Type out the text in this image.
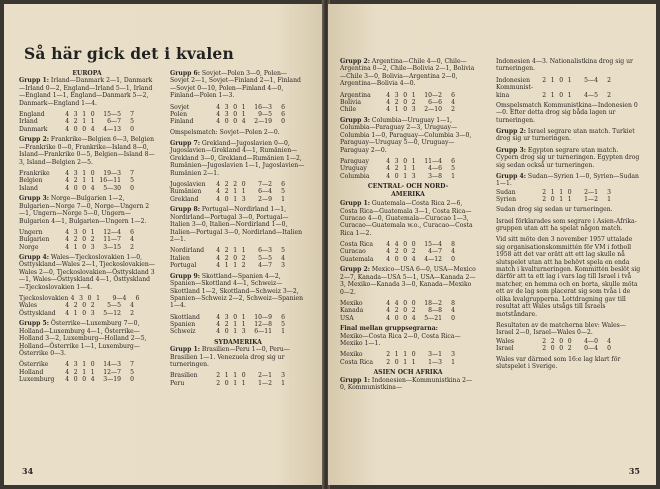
Så här gick det i kvalen
EUROPA
Grupp 1: Irland—Danmark 2—1, Danmark—Irland 0—2, England—Irland 5—1, Irland—England 1—1, England—Danmark 5—2, Danmark—England 1—4.
England	4 3 1 0	15—5	7
Irland	4 2 1 1	6—7	5
Danmark	4 0 0 4	4—13	0
Grupp 2: Frankrike—Belgien 6—3, Belgien—Frankrike 0—0, Frankrike—Island 8—0, Island—Frankrike 0—5, Belgien—Island 8—3, Island—Belgien 2—5.
Frankrike	4 3 1 0	19—3	7
Belgien	4 2 1 1 16—11	5
Island	4 0 0 4	5—30	0
Grupp 3: Norge—Bulgarien 1—2, Bulgarien—Norge 7—0, Norge—Ungern 2—1, Ungern—Norge 5—0, Ungern—Bulgarien 4—1, Bulgarien—Ungern 1—2.
Ungern	4 3 0 1	12—4	6
Bulgarien	4 2 0 2	11—7	4
Norge	4 1 0 3	3—15	2
Grupp 4: Wales—Tjeckoslovakien 1—0, Östtyskland—Wales 2—1, Tjeckoslovakien—Wales 2—0, Tjeckoslovakien—Östtyskland 3—1, Wales—Östtyskland 4—1, Östtyskland—Tjeckoslovakien 1—4.
Tjeckoslovakien 4 3 0 1	9—4	6
Wales	4 2 0 2	5—5	4
Östtyskland	4 1 0 3	5—12	2
Grupp 5: Österrike—Luxemburg 7—0, Holland—Luxemburg 4—1, Österrike—Holland 3—2, Luxemburg—Holland 2—5, Holland—Österrike 1—1, Luxemburg—Österrike 0—3.
Österrike	4 3 1 0	14—3	7
Holland	4 2 1 1	12—7	5
Luxemburg	4 0 0 4	3—19	0
Grupp 6: Sovjet—Polen 3—0, Polen—Sovjet 2—1, Sovjet—Finland 2—1, Finland—Sovjet 0—10, Polen—Finland 4—0, Finland—Polen 1—3.
Sovjet	4 3 0 1	16—3	6
Polen	4 3 0 1	9—5	6
Finland	4 0 0 4	2—19	0
Omspelsmatch: Sovjet—Polen 2—0.
Grupp 7: Grekland—Jugoslavien 0—0, Jugoslavien—Grekland 4—1, Rumänien—Grekland 3—0, Grekland—Rumänien 1—2, Rumänien—Jugoslavien 1—1, Jugoslavien—Rumänien 2—1.
Jugoslavien	4 2 2 0	7—2	6
Rumänien	4 2 1 1	6—4	5
Grekland	4 0 1 3	2—9	1
Grupp 8: Portugal—Nordirland 1—1, Nordirland—Portugal 3—0, Portugal—Italien 3—0, Italien—Nordirland 1—0, Italien—Portugal 3—0, Nordirland—Italien 2—1.
Nordirland	4 2 1 1	6—3	5
Italien	4 2 0 2	5—5	4
Portugal	4 1 1 2	4—7	3
Grupp 9: Skottland—Spanien 4—2, Spanien—Skottland 4—1, Schweiz—Skottland 1—2, Skottland—Schweiz 3—2, Spanien—Schweiz 2—2, Schweiz—Spanien 1—4.
Skottland	4 3 0 1	10—9	6
Spanien	4 2 1 1	12—8	5
Schweiz	4 0 1 3	6—11	1
SYDAMERIKA
Grupp 1: Brasilien—Peru 1—0, Peru—Brasilien 1—1. Venezuela drog sig ur turneringen.
Brasilien	2 1 1 0	2—1	3
Peru	2 0 1 1	1—2	1
34
Grupp 2: Argentina—Chile 4—0, Chile—Argentina 0—2, Chile—Bolivia 2—1, Bolivia—Chile 3—0, Bolivia—Argentina 2—0, Argentina—Bolivia 4—0.
Argentina	4 3 0 1	10—2	6
Bolivia	4 2 0 2	6—6	4
Chile	4 1 0 3	2—10	2
Grupp 3: Columbia—Uruguay 1—1, Columbia—Paraguay 2—3, Uruguay—Columbia 1—0, Paraguay—Columbia 3—0, Paraguay—Uruguay 5—0, Uruguay—Paraguay 2—0.
Paraguay	4 3 0 1	11—4	6
Uruguay	4 2 1 1	4—6	5
Columbia	4 0 1 3	3—8	1
CENTRAL- OCH NORD-
AMERIKA
Grupp 1: Guatemala—Costa Rica 2—6, Costa Rica—Guatemala 3—1, Costa Rica—Curacao 4—0, Guatemala—Curacao 1—3, Curacao—Guatemala w.o., Curacao—Costa Rica 1—2.
Costa Rica	4 4 0 0	15—4	8
Curacao	4 2 0 2	4—7	4
Guatemala	4 0 0 4	4—12	0
Grupp 2: Mexico—USA 6—0, USA—Mexico 2—7, Kanada—USA 5—1, USA—Kanada 2—3, Mexiko—Kanada 3—0, Kanada—Mexiko 0—2.
Mexiko	4 4 0 0	18—2	8
Kanada	4 2 0 2	8—8	4
USA	4 0 0 4	5—21	0
Final mellan gruppsegrarna:
Mexiko—Costa Rica 2—0, Costa Rica—Mexiko 1—1.
Mexiko	2 1 1 0	3—1	3
Costa Rica	2 0 1 1	1—3	1
ASIEN OCH AFRIKA
Grupp 1: Indonesien—Kommunistkina 2—0, Kommunistkina—
Indonesien 4—3. Nationalistkina drog sig ur turneringen.
Indonesien	2 1 0 1	5—4	2
Kommunist-
kina	2 1 0 1	4—5	2
Omspelsmatch Kommunistkina—Indonesien 0—0. Efter detta drog sig båda lagen ur turneringen.
Grupp 2: Israel segrare utan match. Turkiet drog sig ur turneringen.
Grupp 3: Egypten segrare utan match. Cypern drog sig ur turneringen. Egypten drog sig sedan också ur turneringen.
Grupp 4: Sudan—Syrien 1—0, Syrien—Sudan 1—1.
Sudan	2 1 1 0	2—1	3
Syrien	2 0 1 1	1—2	1
Sudan drog sig sedan ur turneringen.
Israel förklarades som segrare i Asien-Afrika-gruppen utan att ha spelat någon match.
Vid sitt möte den 3 november 1957 uttalade sig organisationskommittén för VM i fotboll 1958 att det var orätt att ett lag skulle nå slutspelet utan att ha behövt spela en enda match i kvalturneringen. Kommittén beslöt sig därför att ta ett lag i vars lag till Israel i två matcher, en hemma och en borta, skulle möta ett av de lag som placerat sig som tvåa i de olika kvalgrupperna. Lottdragning gav till resultat att Wales utsågs till Israels motståndare.
Resultaten av de matcherna blev: Wales—Israel 2—0, Israel—Wales 0—2.
Wales	2 2 0 0	4—0	4
Israel	2 0 0 2	0—4	0
Wales var därmed som 16:e lag klart för slutspelet i Sverige.
35
